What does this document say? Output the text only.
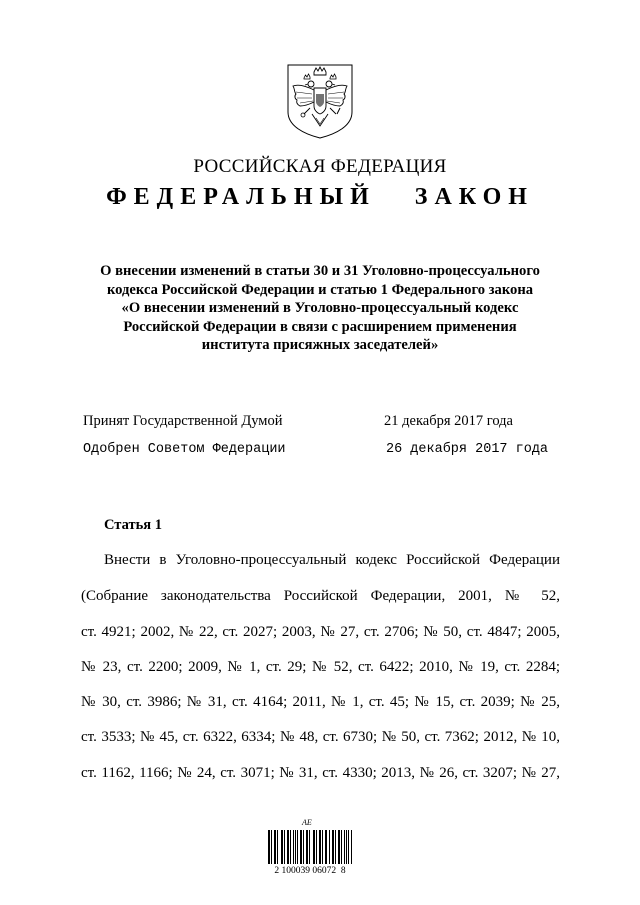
РОССИЙСКАЯ ФЕДЕРАЦИЯ
ФЕДЕРАЛЬНЫЙ   ЗАКОН
О внесении изменений в статьи 30 и 31 Уголовно-процессуального
кодекса Российской Федерации и статью 1 Федерального закона
«О внесении изменений в Уголовно-процессуальный кодекс
Российской Федерации в связи с расширением применения
института присяжных заседателей»
Принят Государственной Думой	21 декабря 2017 года
Одобрен Советом Федерации	26 декабря 2017 года
Статья 1
Внести в Уголовно-процессуальный кодекс Российской Федерации
(Собрание законодательства Российской Федерации, 2001, № 52,
ст. 4921; 2002, № 22, ст. 2027; 2003, № 27, ст. 2706; № 50, ст. 4847; 2005,
№ 23, ст. 2200; 2009, № 1, ст. 29; № 52, ст. 6422; 2010, № 19, ст. 2284;
№ 30, ст. 3986; № 31, ст. 4164; 2011, № 1, ст. 45; № 15, ст. 2039; № 25,
ст. 3533; № 45, ст. 6322, 6334; № 48, ст. 6730; № 50, ст. 7362; 2012, № 10,
ст. 1162, 1166; № 24, ст. 3071; № 31, ст. 4330; 2013, № 26, ст. 3207; № 27,
АЕ
2 100039 06072  8
